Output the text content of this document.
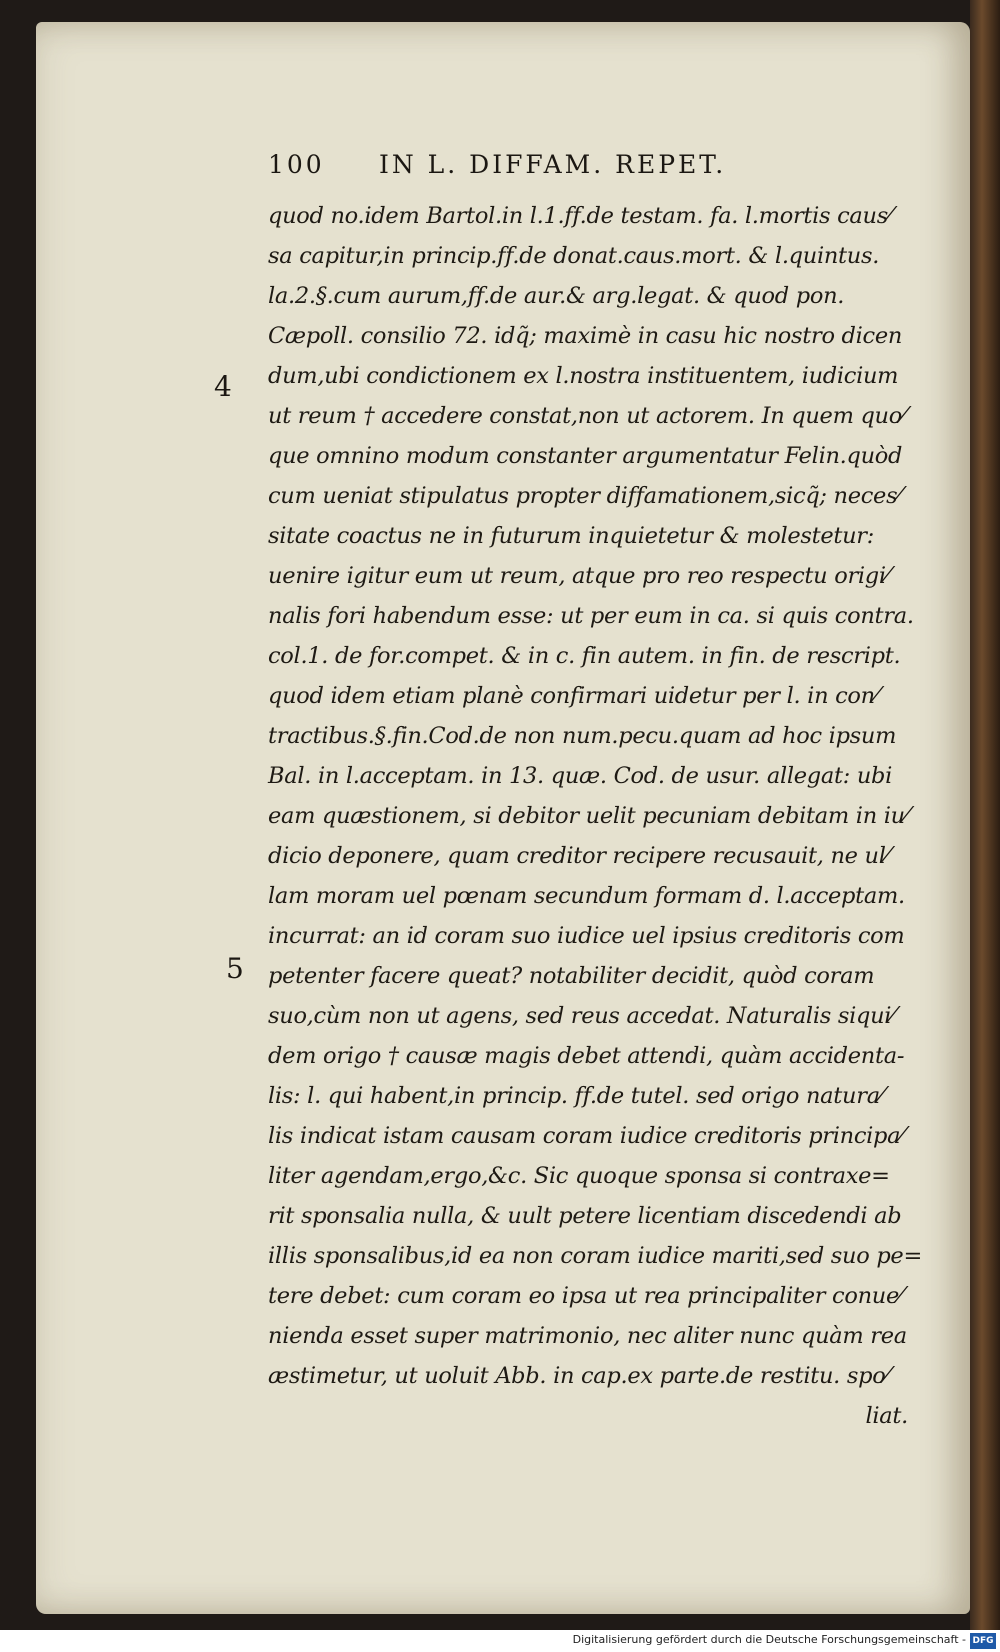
100 IN L. DIFFAM. REPET.
4
5
quod no.idem Bartol.in l.1.ff.de testam. fa. l.mortis caus⁄
sa capitur,in princip.ff.de donat.caus.mort. & l.quintus.
la.2.§.cum aurum,ff.de aur.& arg.legat. & quod pon.
Cæpoll. consilio 72. idq̃; maximè in casu hic nostro dicen
dum,ubi condictionem ex l.nostra instituentem, iudicium
ut reum † accedere constat,non ut actorem. In quem quo⁄
que omnino modum constanter argumentatur Felin.quòd
cum ueniat stipulatus propter diffamationem,sicq̃; neces⁄
sitate coactus ne in futurum inquietetur & molestetur:
uenire igitur eum ut reum, atque pro reo respectu origi⁄
nalis fori habendum esse: ut per eum in ca. si quis contra.
col.1. de for.compet. & in c. fin autem. in fin. de rescript.
quod idem etiam planè confirmari uidetur per l. in con⁄
tractibus.§.fin.Cod.de non num.pecu.quam ad hoc ipsum
Bal. in l.acceptam. in 13. quæ. Cod. de usur. allegat: ubi
eam quæstionem, si debitor uelit pecuniam debitam in iu⁄
dicio deponere, quam creditor recipere recusauit, ne ul⁄
lam moram uel pœnam secundum formam d. l.acceptam.
incurrat: an id coram suo iudice uel ipsius creditoris com
petenter facere queat? notabiliter decidit, quòd coram
suo,cùm non ut agens, sed reus accedat. Naturalis siqui⁄
dem origo † causæ magis debet attendi, quàm accidenta-
lis: l. qui habent,in princip. ff.de tutel. sed origo natura⁄
lis indicat istam causam coram iudice creditoris principa⁄
liter agendam,ergo,&c. Sic quoque sponsa si contraxe=
rit sponsalia nulla, & uult petere licentiam discedendi ab
illis sponsalibus,id ea non coram iudice mariti,sed suo pe=
tere debet: cum coram eo ipsa ut rea principaliter conue⁄
nienda esset super matrimonio, nec aliter nunc quàm rea
æstimetur, ut uoluit Abb. in cap.ex parte.de restitu. spo⁄
liat.
Digitalisierung gefördert durch die Deutsche Forschungsgemeinschaft - DFG
